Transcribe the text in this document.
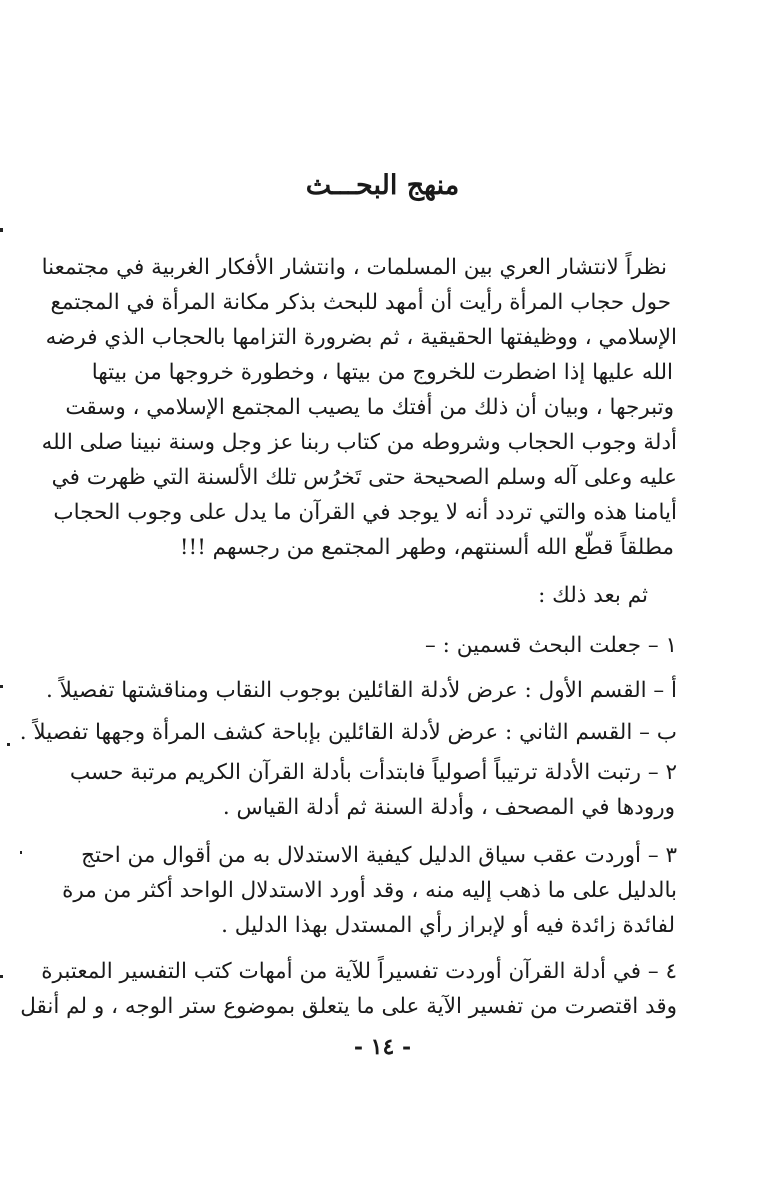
منهج البحـــث
نظراً لانتشار العري بين المسلمات ، وانتشار الأفكار الغربية في مجتمعنا
حول حجاب المرأة رأيت أن أمهد للبحث بذكر مكانة المرأة في المجتمع
الإسلامي ، ووظيفتها الحقيقية ، ثم بضرورة التزامها بالحجاب الذي فرضه
الله عليها إذا اضطرت للخروج من بيتها ، وخطورة خروجها من بيتها
وتبرجها ، وبيان أن ذلك من أفتك ما يصيب المجتمع الإسلامي ، وسقت
أدلة وجوب الحجاب وشروطه من كتاب ربنا عز وجل وسنة نبينا صلى الله
عليه وعلى آله وسلم الصحيحة حتى تَخرُس تلك الألسنة التي ظهرت في
أيامنا هذه والتي تردد أنه لا يوجد في القرآن ما يدل على وجوب الحجاب
مطلقاً قطّع الله ألسنتهم، وطهر المجتمع من رجسهم !!!
ثم بعد ذلك :
١ – جعلت البحث قسمين : –
أ – القسم الأول : عرض لأدلة القائلين بوجوب النقاب ومناقشتها تفصيلاً .
ب – القسم الثاني : عرض لأدلة القائلين بإباحة كشف المرأة وجهها تفصيلاً .
٢ – رتبت الأدلة ترتيباً أصولياً فابتدأت بأدلة القرآن الكريم مرتبة حسب
ورودها في المصحف ، وأدلة السنة ثم أدلة القياس .
٣ – أوردت عقب سياق الدليل كيفية الاستدلال به من أقوال من احتج
بالدليل على ما ذهب إليه منه ، وقد أورد الاستدلال الواحد أكثر من مرة
لفائدة زائدة فيه أو لإبراز رأي المستدل بهذا الدليل .
٤ – في أدلة القرآن أوردت تفسيراً للآية من أمهات كتب التفسير المعتبرة
وقد اقتصرت من تفسير الآية على ما يتعلق بموضوع ستر الوجه ، و لم أنقل
- ١٤ -
